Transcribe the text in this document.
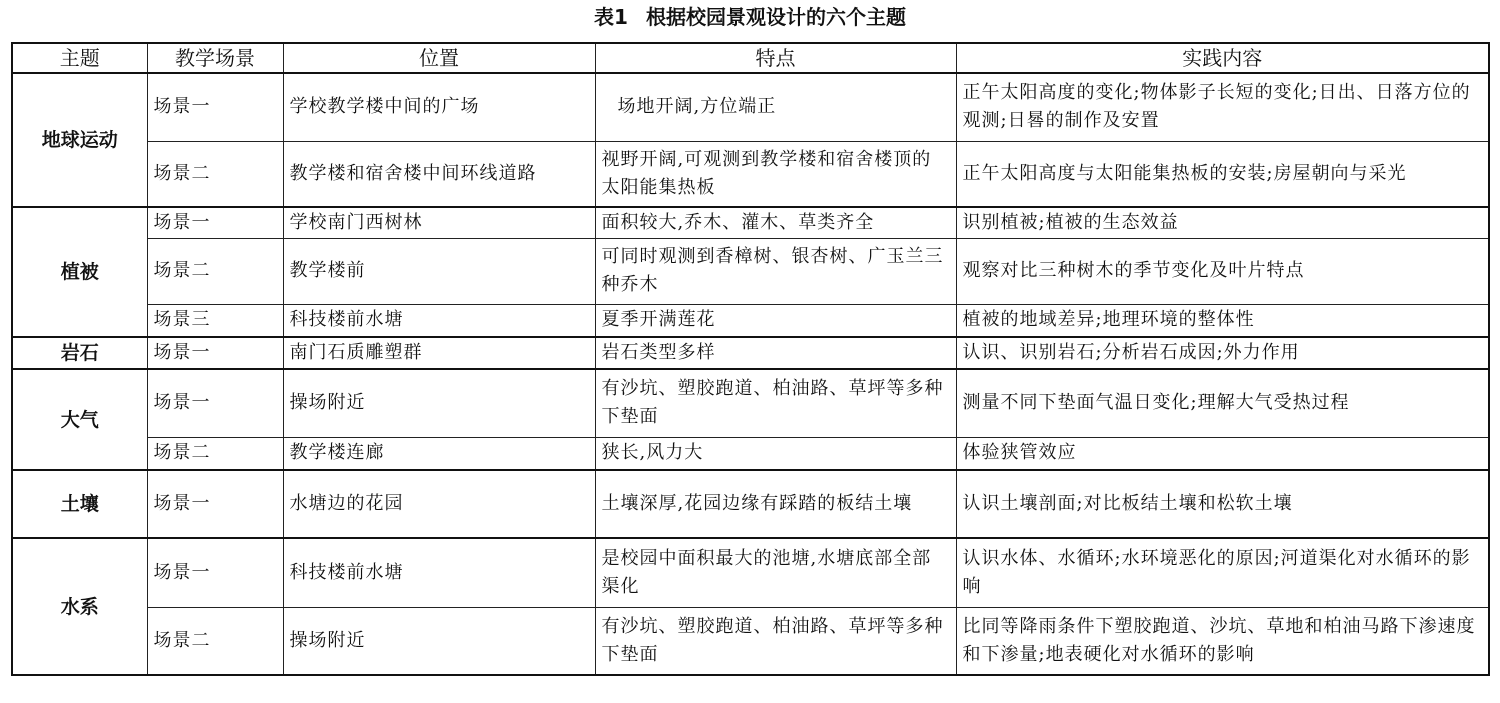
表1 根据校园景观设计的六个主题
主题	教学场景	位置	特点	实践内容
地球运动	场景一	学校教学楼中间的广场	场地开阔,方位端正	正午太阳高度的变化;物体影子长短的变化;日出、日落方位的观测;日晷的制作及安置
	场景二	教学楼和宿舍楼中间环线道路	视野开阔,可观测到教学楼和宿舍楼顶的太阳能集热板	正午太阳高度与太阳能集热板的安装;房屋朝向与采光
植被	场景一	学校南门西树林	面积较大,乔木、灌木、草类齐全	识别植被;植被的生态效益
	场景二	教学楼前	可同时观测到香樟树、银杏树、广玉兰三种乔木	观察对比三种树木的季节变化及叶片特点
	场景三	科技楼前水塘	夏季开满莲花	植被的地域差异;地理环境的整体性
岩石	场景一	南门石质雕塑群	岩石类型多样	认识、识别岩石;分析岩石成因;外力作用
大气	场景一	操场附近	有沙坑、塑胶跑道、柏油路、草坪等多种下垫面	测量不同下垫面气温日变化;理解大气受热过程
	场景二	教学楼连廊	狭长,风力大	体验狭管效应
土壤	场景一	水塘边的花园	土壤深厚,花园边缘有踩踏的板结土壤	认识土壤剖面;对比板结土壤和松软土壤
水系	场景一	科技楼前水塘	是校园中面积最大的池塘,水塘底部全部渠化	认识水体、水循环;水环境恶化的原因;河道渠化对水循环的影响
	场景二	操场附近	有沙坑、塑胶跑道、柏油路、草坪等多种下垫面	比同等降雨条件下塑胶跑道、沙坑、草地和柏油马路下渗速度和下渗量;地表硬化对水循环的影响
